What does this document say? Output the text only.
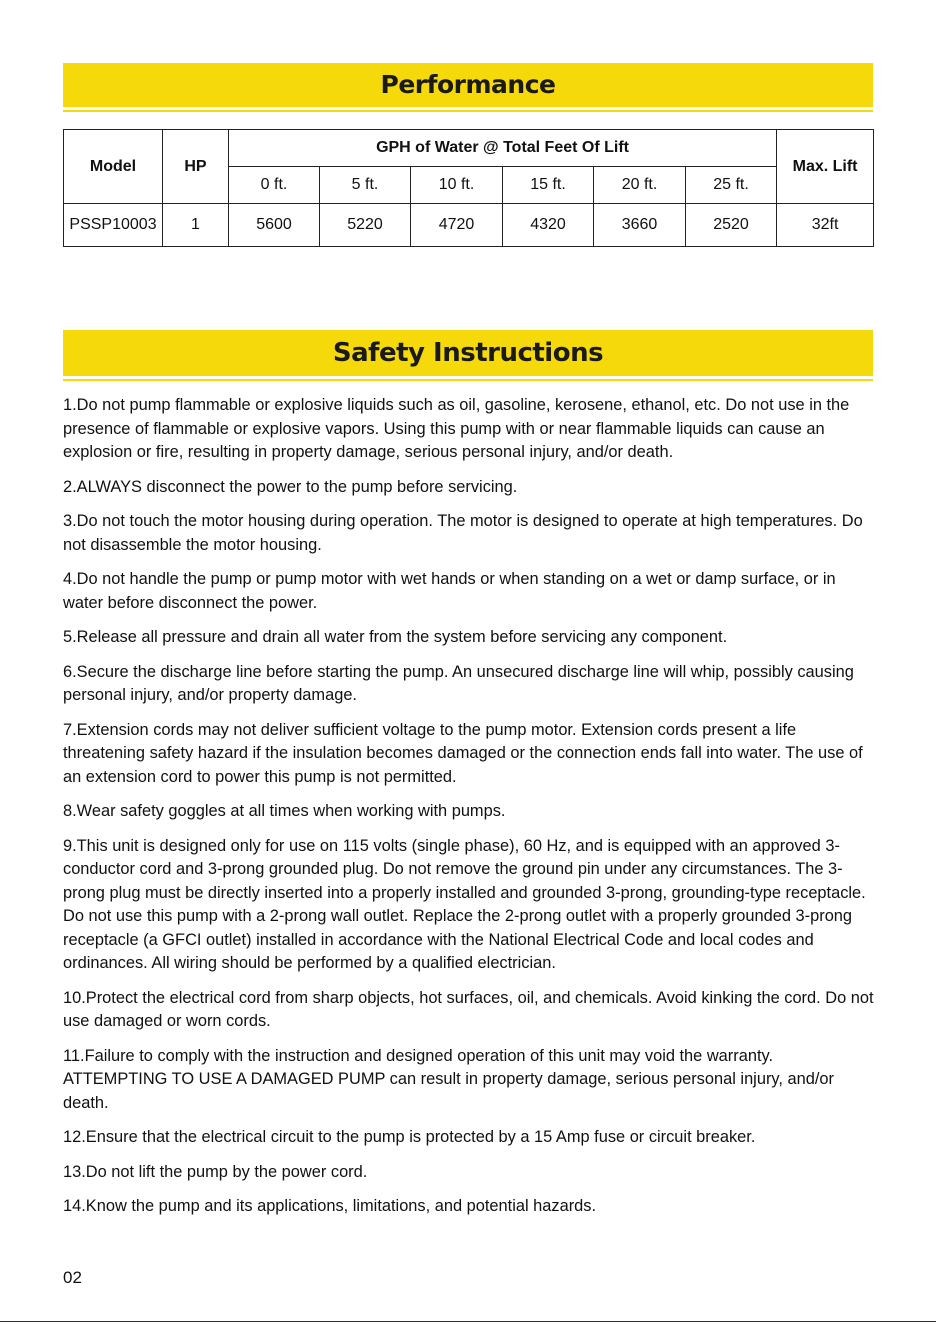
Performance
Model	HP	GPH of Water @ Total Feet Of Lift						Max. Lift
		0 ft.	5 ft.	10 ft.	15 ft.	20 ft.	25 ft.	
PSSP10003	1	5600	5220	4720	4320	3660	2520	32ft
Safety Instructions

1.Do not pump flammable or explosive liquids such as oil, gasoline, kerosene, ethanol, etc. Do not use in the presence of flammable or explosive vapors. Using this pump with or near flammable liquids can cause an explosion or fire, resulting in property damage, serious personal injury, and/or death.

2.ALWAYS disconnect the power to the pump before servicing.

3.Do not touch the motor housing during operation. The motor is designed to operate at high temperatures. Do not disassemble the motor housing.

4.Do not handle the pump or pump motor with wet hands or when standing on a wet or damp surface, or in water before disconnect the power.

5.Release all pressure and drain all water from the system before servicing any component.

6.Secure the discharge line before starting the pump. An unsecured discharge line will whip, possibly causing personal injury, and/or property damage.

7.Extension cords may not deliver sufficient voltage to the pump motor. Extension cords present a life threatening safety hazard if the insulation becomes damaged or the connection ends fall into water. The use of an extension cord to power this pump is not permitted.

8.Wear safety goggles at all times when working with pumps.

9.This unit is designed only for use on 115 volts (single phase), 60 Hz, and is equipped with an approved 3-conductor cord and 3-prong grounded plug. Do not remove the ground pin under any circumstances. The 3-prong plug must be directly inserted into a properly installed and grounded 3-prong, grounding-type receptacle. Do not use this pump with a 2-prong wall outlet. Replace the 2-prong outlet with a properly grounded 3-prong receptacle (a GFCI outlet) installed in accordance with the National Electrical Code and local codes and ordinances. All wiring should be performed by a qualified electrician.

10.Protect the electrical cord from sharp objects, hot surfaces, oil, and chemicals. Avoid kinking the cord. Do not use damaged or worn cords.

11.Failure to comply with the instruction and designed operation of this unit may void the warranty. ATTEMPTING TO USE A DAMAGED PUMP can result in property damage, serious personal injury, and/or death.

12.Ensure that the electrical circuit to the pump is protected by a 15 Amp fuse or circuit breaker.

13.Do not lift the pump by the power cord.

14.Know the pump and its applications, limitations, and potential hazards.

02
